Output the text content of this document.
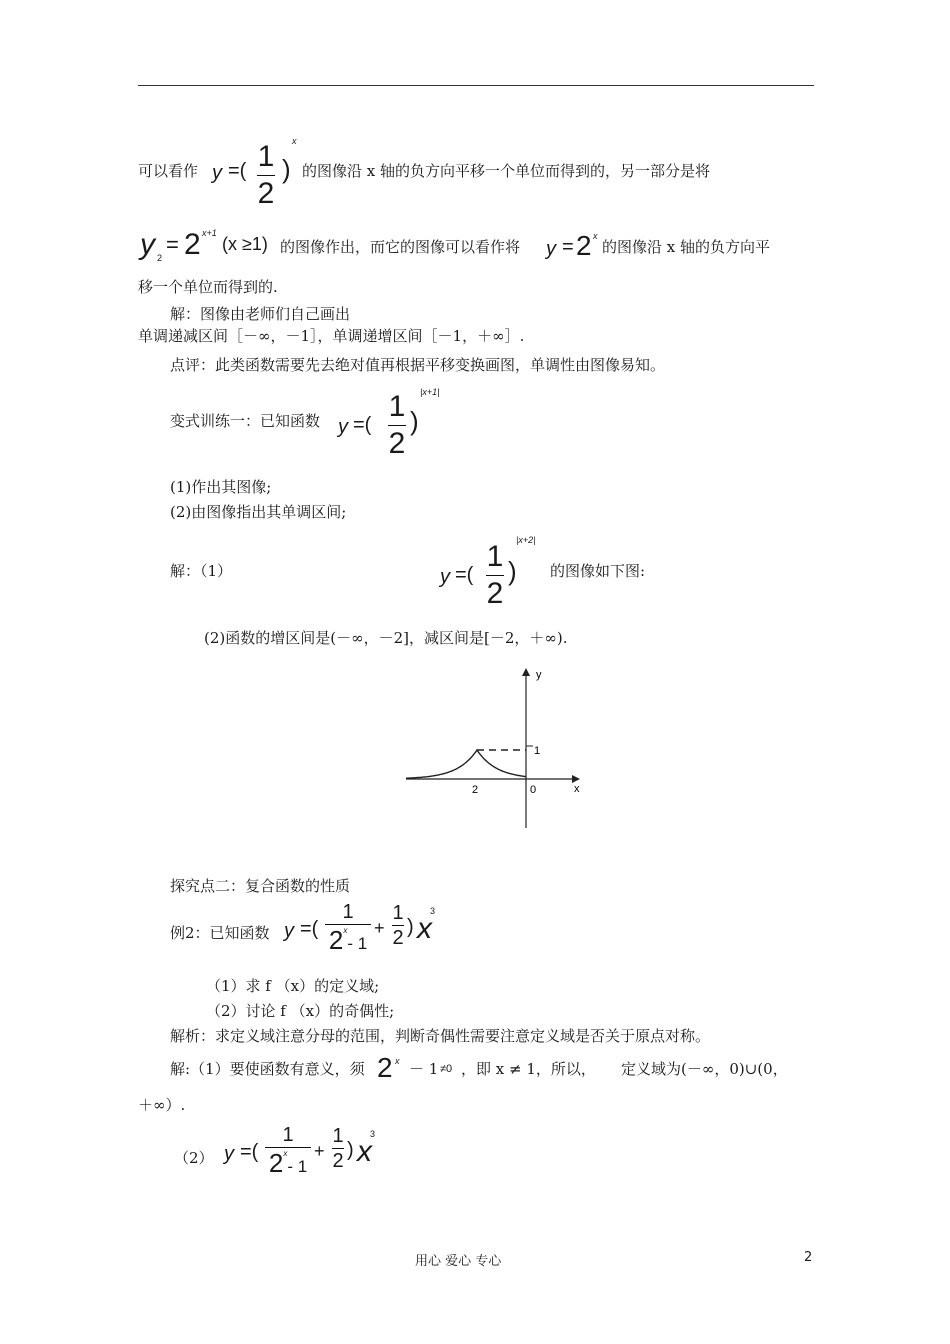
可以看作 y =( 1
2
)
x
的图像沿 x 轴的负方向平移一个单位而得到的，另一部分是将
y 2
= 2 x+1
(x ≥1) 的图像作出，而它的图像可以看作将 y = 2 x
的图像沿 x 轴的负方向平
移一个单位而得到的.
解：图像由老师们自己画出
单调递减区间［－∞，－1］，单调递增区间［－1，＋∞］.
点评：此类函数需要先去绝对值再根据平移变换画图，单调性由图像易知。
变式训练一：已知函数 y =(
1
2
)
|x+1|
(1)作出其图像;
(2)由图像指出其单调区间;
解：（1）	y =(
1
2
)
|x+2|
的图像如下图:
(2)函数的增区间是(－∞，－2]，减区间是[－2，＋∞).
1
y
x
2	0
探究点二：复合函数的性质
例2：已知函数 y =(
1
2$^x$- 1
+
1
2 ) x
3
（1）求 f （x）的定义域;
（2）讨论 f （x）的奇偶性;
解析：求定义域注意分母的范围，判断奇偶性需要注意定义域是否关于原点对称。
解:（1）要使函数有意义，须 2 x － 1 ≠0 ，即 x ≠ 1，所以， 定义域为(－∞，0)∪(0，
＋∞）.
（2） y =(
1
2$^x$- 1
+
1
2 ) x
3
用心 爱心 专心	2
